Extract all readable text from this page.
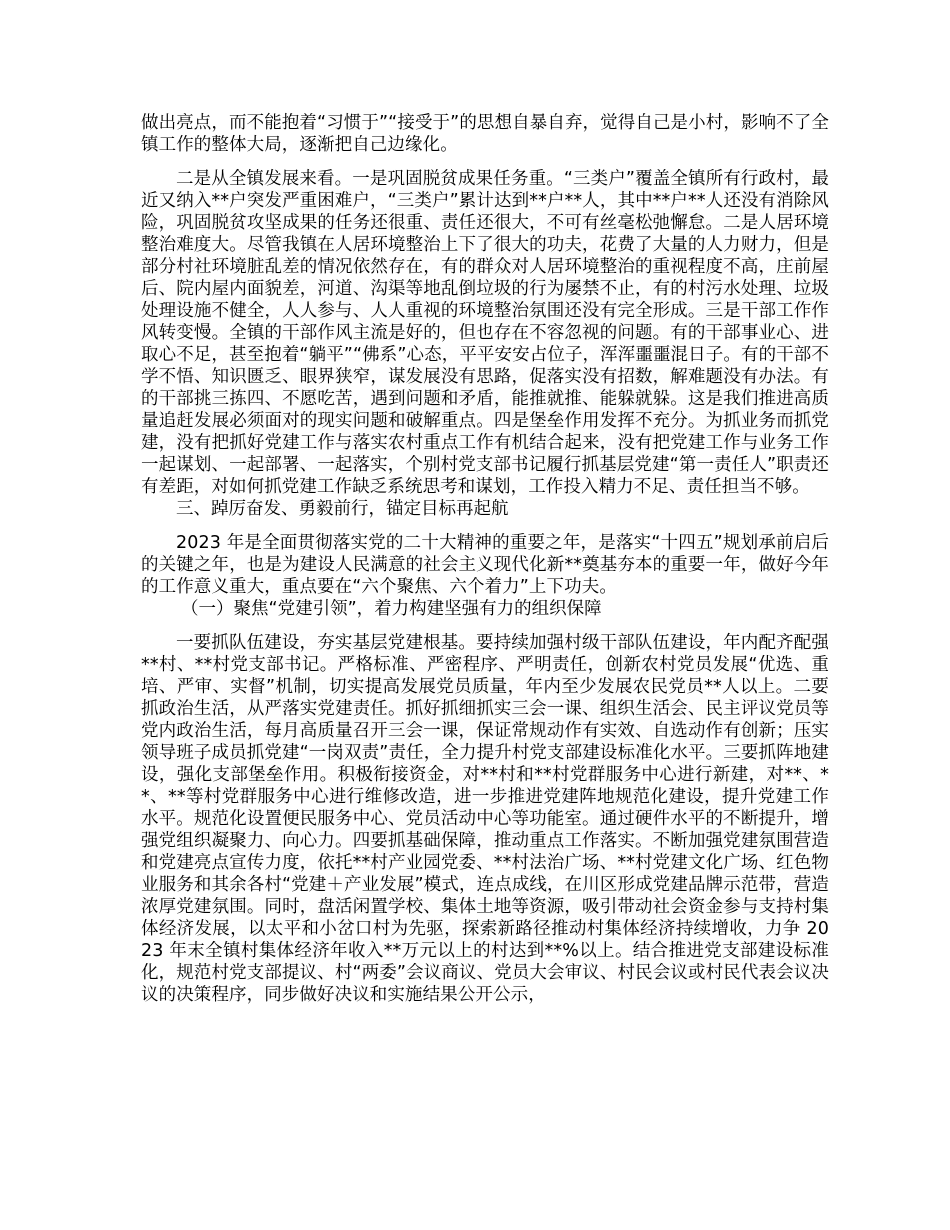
做出亮点，而不能抱着“习惯于”“接受于”的思想自暴自弃，觉得自己是小村，影响不了全镇工作的整体大局，逐渐把自己边缘化。

二是从全镇发展来看。一是巩固脱贫成果任务重。“三类户”覆盖全镇所有行政村，最近又纳入**户突发严重困难户，“三类户”累计达到**户**人，其中**户**人还没有消除风险，巩固脱贫攻坚成果的任务还很重、责任还很大，不可有丝毫松弛懈怠。二是人居环境整治难度大。尽管我镇在人居环境整治上下了很大的功夫，花费了大量的人力财力，但是部分村社环境脏乱差的情况依然存在，有的群众对人居环境整治的重视程度不高，庄前屋后、院内屋内面貌差，河道、沟渠等地乱倒垃圾的行为屡禁不止，有的村污水处理、垃圾处理设施不健全，人人参与、人人重视的环境整治氛围还没有完全形成。三是干部工作作风转变慢。全镇的干部作风主流是好的，但也存在不容忽视的问题。有的干部事业心、进取心不足，甚至抱着“躺平”“佛系”心态，平平安安占位子，浑浑噩噩混日子。有的干部不学不悟、知识匮乏、眼界狭窄，谋发展没有思路，促落实没有招数，解难题没有办法。有的干部挑三拣四、不愿吃苦，遇到问题和矛盾，能推就推、能躲就躲。这是我们推进高质量追赶发展必须面对的现实问题和破解重点。四是堡垒作用发挥不充分。为抓业务而抓党建，没有把抓好党建工作与落实农村重点工作有机结合起来，没有把党建工作与业务工作一起谋划、一起部署、一起落实，个别村党支部书记履行抓基层党建“第一责任人”职责还有差距，对如何抓党建工作缺乏系统思考和谋划，工作投入精力不足、责任担当不够。

三、踔厉奋发、勇毅前行，锚定目标再起航

2023 年是全面贯彻落实党的二十大精神的重要之年，是落实“十四五”规划承前启后的关键之年，也是为建设人民满意的社会主义现代化新**奠基夯本的重要一年，做好今年的工作意义重大，重点要在“六个聚焦、六个着力”上下功夫。

（一）聚焦“党建引领”，着力构建坚强有力的组织保障

一要抓队伍建设，夯实基层党建根基。要持续加强村级干部队伍建设，年内配齐配强**村、**村党支部书记。严格标准、严密程序、严明责任，创新农村党员发展“优选、重培、严审、实督”机制，切实提高发展党员质量，年内至少发展农民党员**人以上。二要抓政治生活，从严落实党建责任。抓好抓细抓实三会一课、组织生活会、民主评议党员等党内政治生活，每月高质量召开三会一课，保证常规动作有实效、自选动作有创新；压实领导班子成员抓党建“一岗双责”责任，全力提升村党支部建设标准化水平。三要抓阵地建设，强化支部堡垒作用。积极衔接资金，对**村和**村党群服务中心进行新建，对**、**、**等村党群服务中心进行维修改造，进一步推进党建阵地规范化建设，提升党建工作水平。规范化设置便民服务中心、党员活动中心等功能室。通过硬件水平的不断提升，增强党组织凝聚力、向心力。四要抓基础保障，推动重点工作落实。不断加强党建氛围营造和党建亮点宣传力度，依托**村产业园党委、**村法治广场、**村党建文化广场、红色物业服务和其余各村“党建＋产业发展”模式，连点成线，在川区形成党建品牌示范带，营造浓厚党建氛围。同时，盘活闲置学校、集体土地等资源，吸引带动社会资金参与支持村集体经济发展，以太平和小岔口村为先驱，探索新路径推动村集体经济持续增收，力争 2023 年末全镇村集体经济年收入**万元以上的村达到**%以上。结合推进党支部建设标准化，规范村党支部提议、村“两委”会议商议、党员大会审议、村民会议或村民代表会议决议的决策程序，同步做好决议和实施结果公开公示，
